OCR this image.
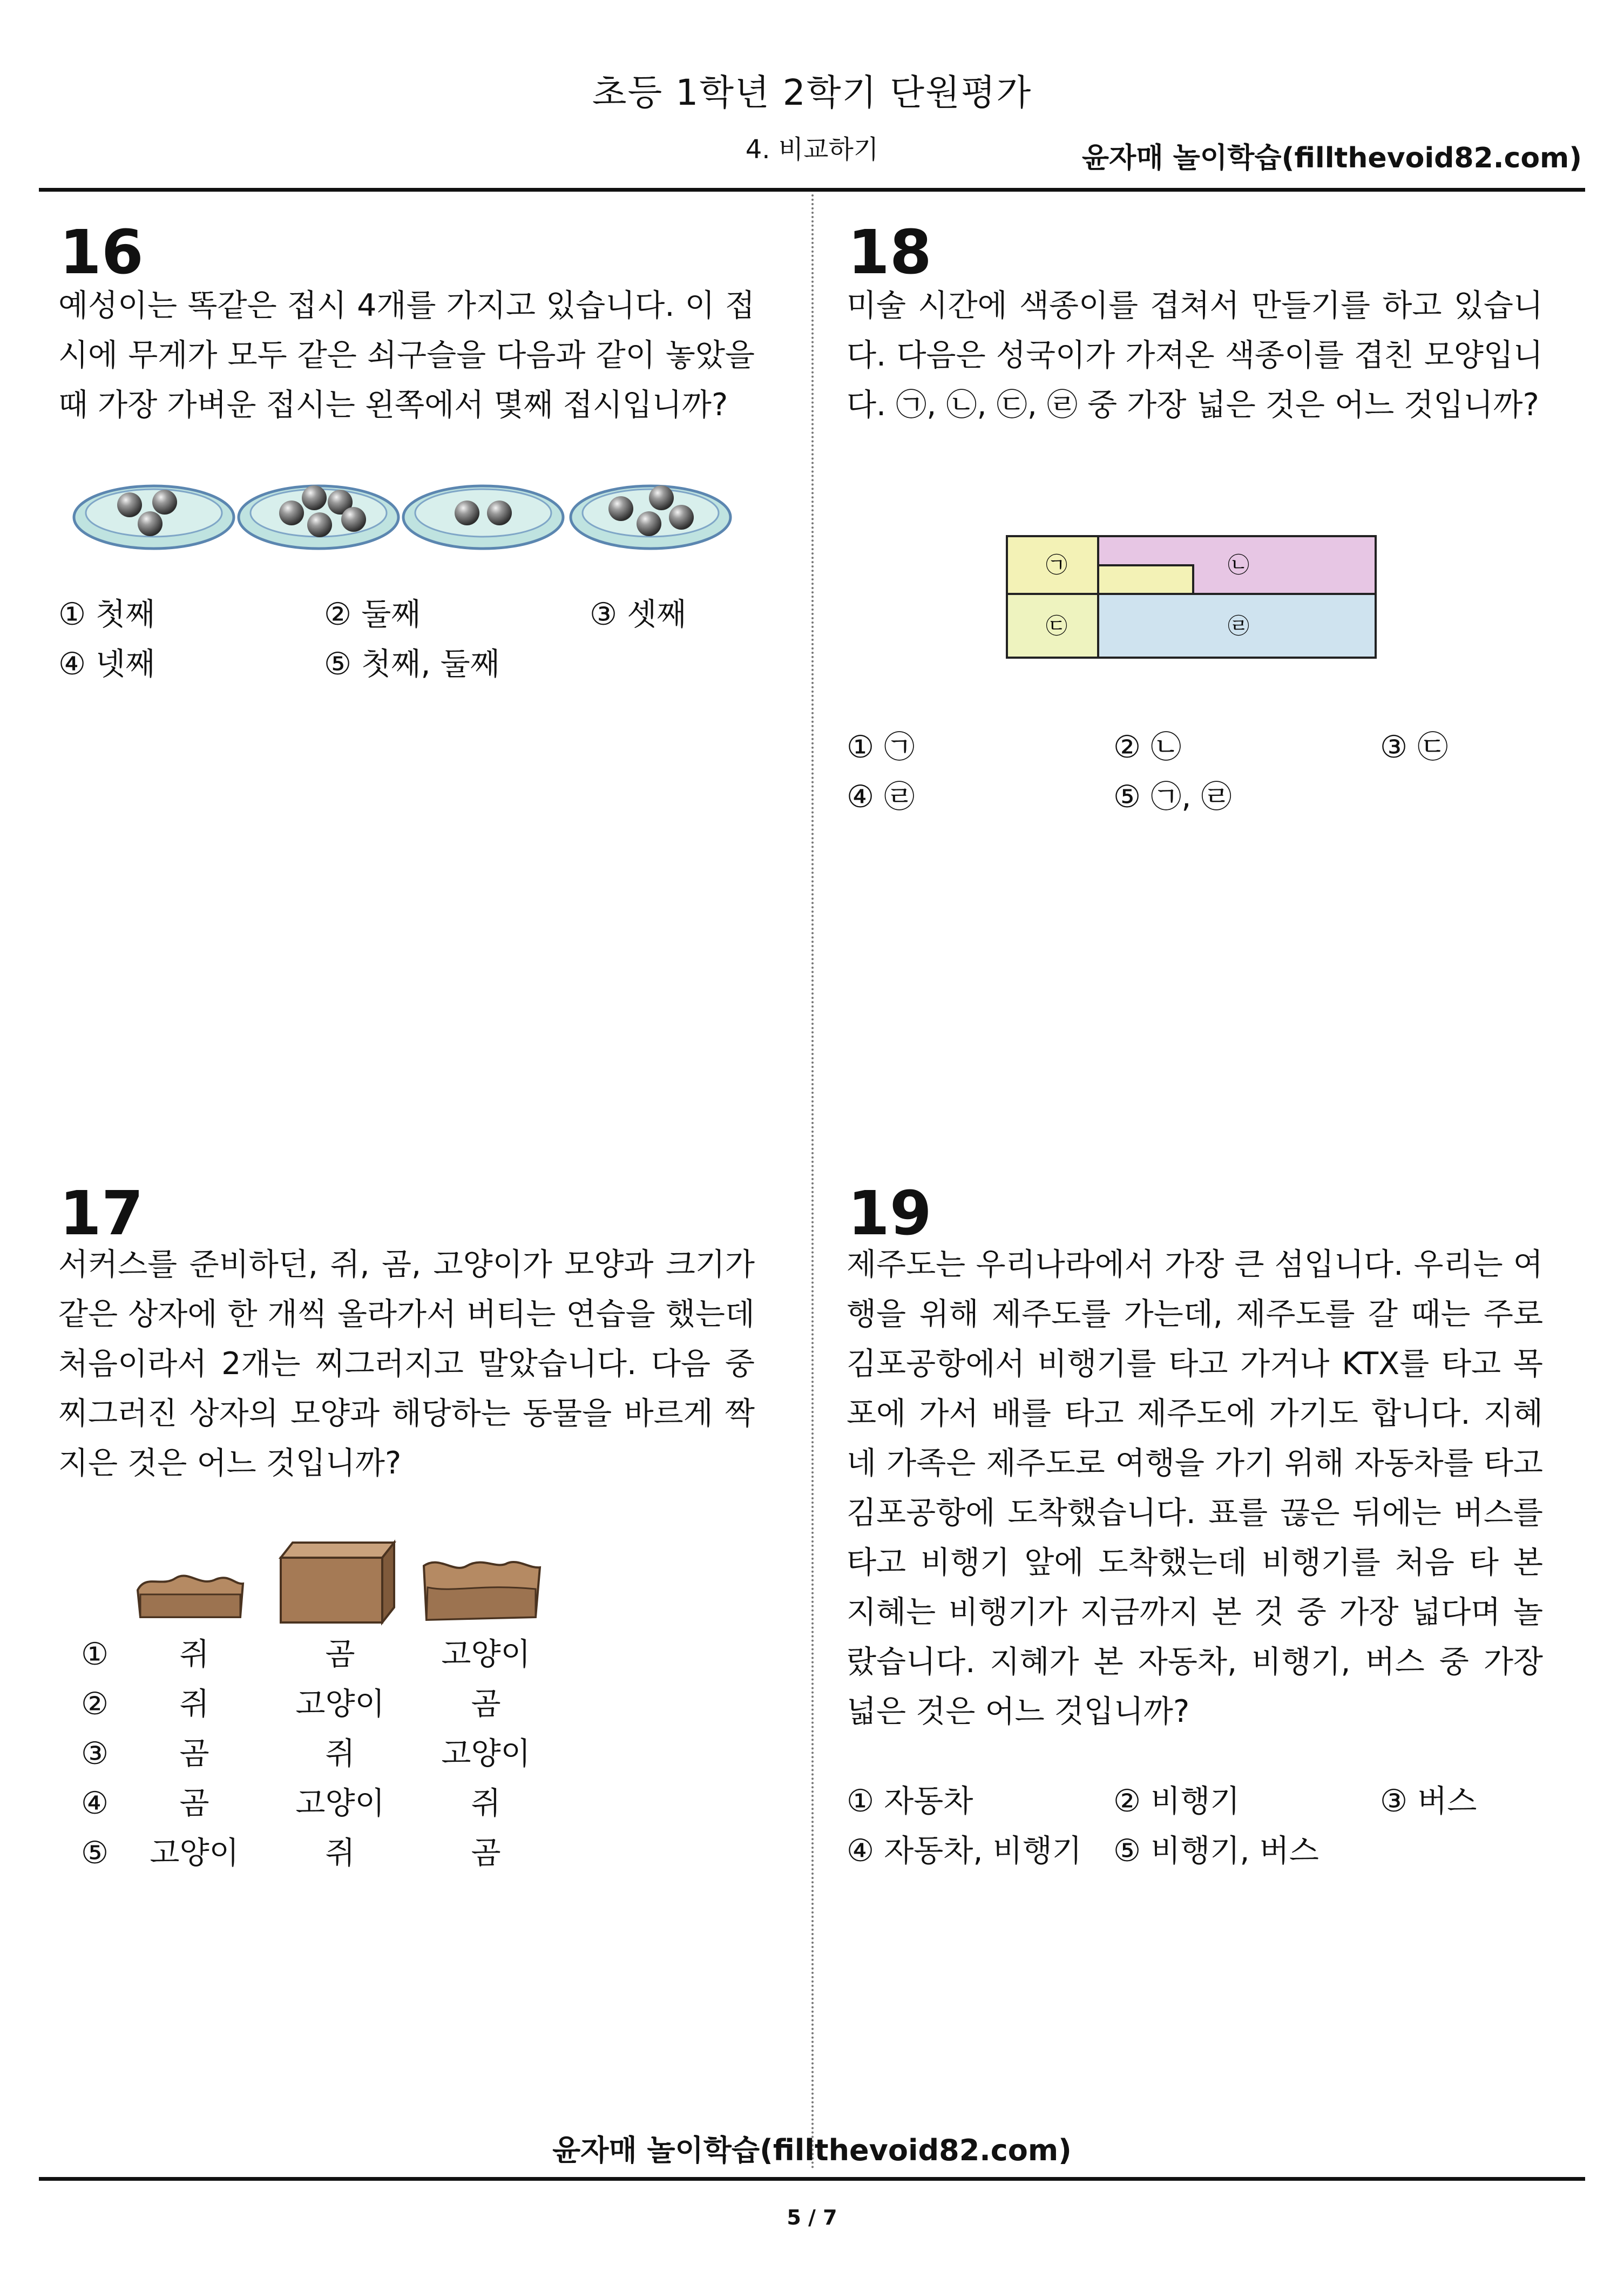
초등 1학년 2학기 단원평가
4. 비교하기	윤자매 놀이학습(fillthevoid82.com)
16
예성이는 똑같은 접시 4개를 가지고 있습니다. 이 접시에 무게가 모두 같은 쇠구슬을 다음과 같이 놓았을 때 가장 가벼운 접시는 왼쪽에서 몇째 접시입니까?
① 첫째	② 둘째	③ 셋째
④ 넷째	⑤ 첫째, 둘째
18
미술 시간에 색종이를 겹쳐서 만들기를 하고 있습니다. 다음은 성국이가 가져온 색종이를 겹친 모양입니다. ㉠, ㉡, ㉢, ㉣ 중 가장 넓은 것은 어느 것입니까?
㉠	㉡
㉢	㉣
① ㉠	② ㉡	③ ㉢
④ ㉣	⑤ ㉠, ㉣
17
서커스를 준비하던, 쥐, 곰, 고양이가 모양과 크기가 같은 상자에 한 개씩 올라가서 버티는 연습을 했는데 처음이라서 2개는 찌그러지고 말았습니다. 다음 중 찌그러진 상자의 모양과 해당하는 동물을 바르게 짝지은 것은 어느 것입니까?
①	쥐	곰	고양이
②	쥐	고양이	곰
③	곰	쥐	고양이
④	곰	고양이	쥐
⑤	고양이	쥐	곰
19
제주도는 우리나라에서 가장 큰 섬입니다. 우리는 여행을 위해 제주도를 가는데, 제주도를 갈 때는 주로 김포공항에서 비행기를 타고 가거나 KTX를 타고 목포에 가서 배를 타고 제주도에 가기도 합니다. 지혜네 가족은 제주도로 여행을 가기 위해 자동차를 타고 김포공항에 도착했습니다. 표를 끊은 뒤에는 버스를 타고 비행기 앞에 도착했는데 비행기를 처음 타 본 지혜는 비행기가 지금까지 본 것 중 가장 넓다며 놀랐습니다. 지혜가 본 자동차, 비행기, 버스 중 가장 넓은 것은 어느 것입니까?
① 자동차	② 비행기	③ 버스
④ 자동차, 비행기 ⑤ 비행기, 버스
윤자매 놀이학습(fillthevoid82.com)
5 / 7
